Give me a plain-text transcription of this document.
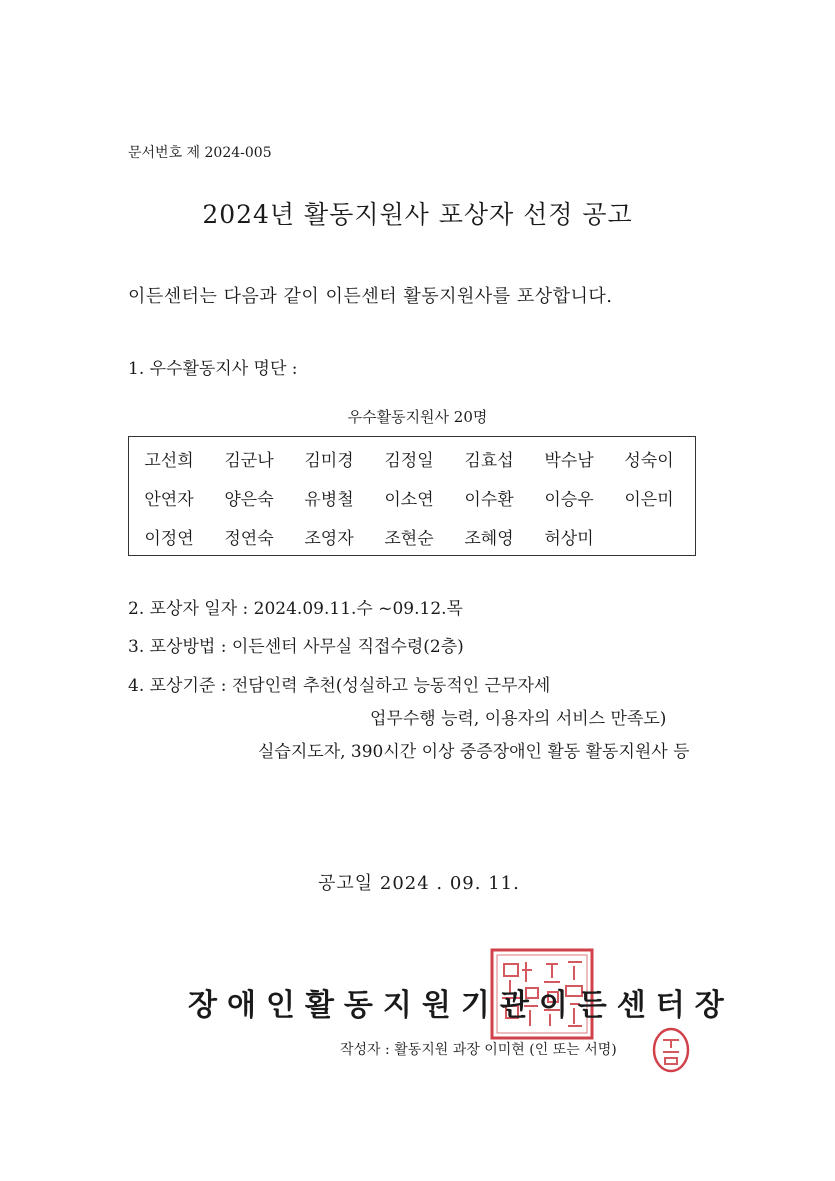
문서번호 제 2024-005
2024년 활동지원사 포상자 선정 공고
이든센터는 다음과 같이 이든센터 활동지원사를 포상합니다.
1. 우수활동지사 명단 :
우수활동지원사 20명
고선희	김군나	김미경	김정일	김효섭	박수남	성숙이
안연자	양은숙	유병철	이소연	이수환	이승우	이은미
이정연	정연숙	조영자	조현순	조혜영	허상미
2. 포상자 일자 : 2024.09.11.수 ~09.12.목
3. 포상방법 : 이든센터 사무실 직접수령(2층)
4. 포상기준 : 전담인력 추천(성실하고 능동적인 근무자세
업무수행 능력, 이용자의 서비스 만족도)
실습지도자, 390시간 이상 중증장애인 활동 활동지원사 등
공고일 2024 . 09. 11.
장애인활동지원기관이든센터장
작성자 : 활동지원 과장 이미현 (인 또는 서명)
